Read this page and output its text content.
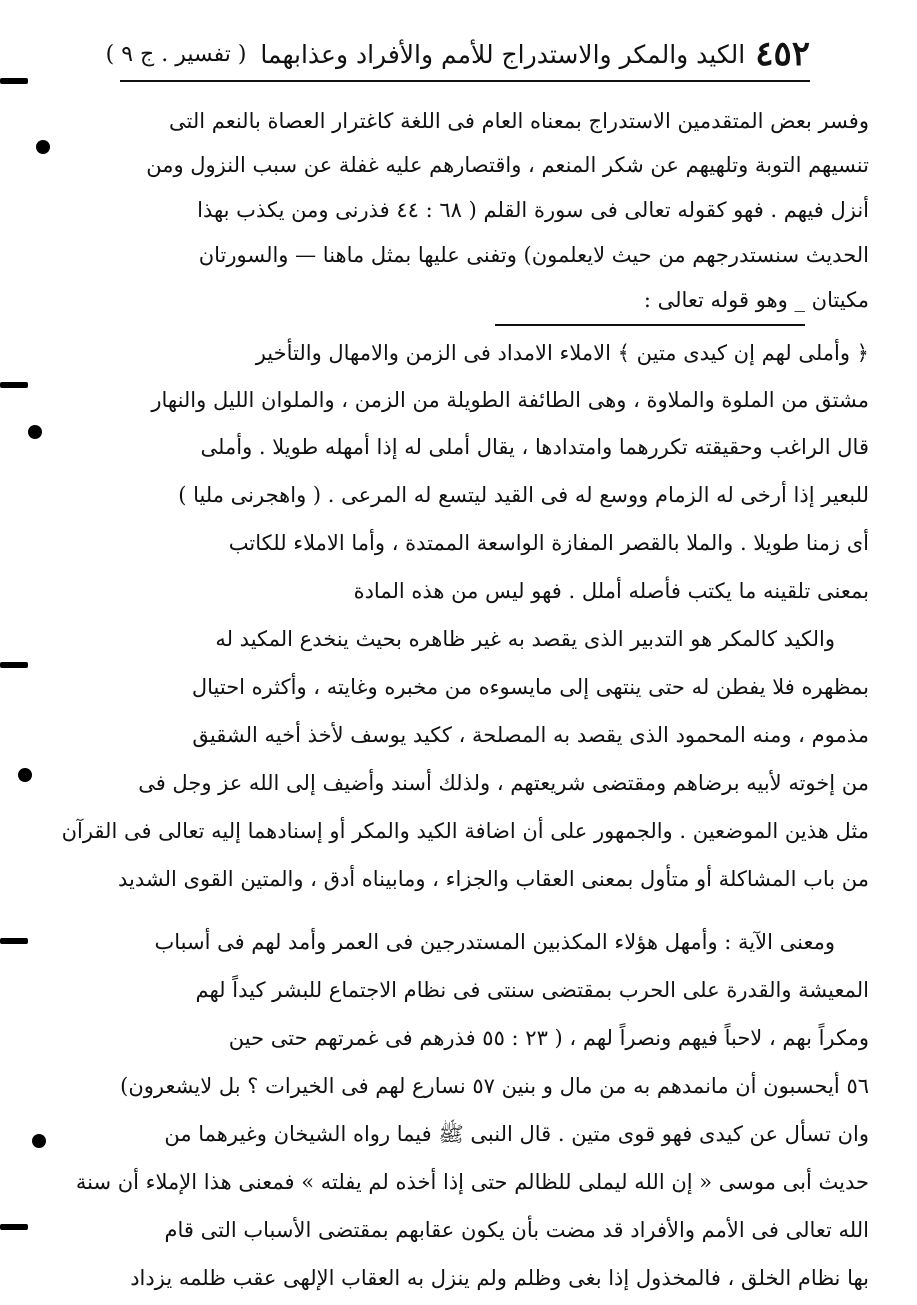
٤٥٢
الكيد والمكر والاستدراج للأمم والأفراد وعذابهما
( تفسير . ج ٩ )
وفسر بعض المتقدمين الاستدراج بمعناه العام فى اللغة كاغترار العصاة بالنعم التى
تنسيهم التوبة وتلهيهم عن شكر المنعم ، واقتصارهم عليه غفلة عن سبب النزول ومن
أنزل فيهم . فهو كقوله تعالى فى سورة القلم ( ٦٨ : ٤٤ فذرنى ومن يكذب بهذا
الحديث سنستدرجهم من حيث لايعلمون) وتفنى عليها بمثل ماهنا — والسورتان
مكيتان _ وهو قوله تعالى :
﴿ وأملى لهم إن كيدى متين ﴾ الاملاء الامداد فى الزمن والامهال والتأخير
مشتق من الملوة والملاوة ، وهى الطائفة الطويلة من الزمن ، والملوان الليل والنهار
قال الراغب وحقيقته تكررهما وامتدادها ، يقال أملى له إذا أمهله طويلا . وأملى
للبعير إذا أرخى له الزمام ووسع له فى القيد ليتسع له المرعى . ( واهجرنى مليا )
أى زمنا طويلا . والملا بالقصر المفازة الواسعة الممتدة ، وأما الاملاء للكاتب
بمعنى تلقينه ما يكتب فأصله أملل . فهو ليس من هذه المادة
والكيد كالمكر هو التدبير الذى يقصد به غير ظاهره بحيث ينخدع المكيد له
بمظهره فلا يفطن له حتى ينتهى إلى مايسوءه من مخبره وغايته ، وأكثره احتيال
مذموم ، ومنه المحمود الذى يقصد به المصلحة ، ككيد يوسف لأخذ أخيه الشقيق
من إخوته لأبيه برضاهم ومقتضى شريعتهم ، ولذلك أسند وأضيف إلى الله عز وجل فى
مثل هذين الموضعين . والجمهور على أن اضافة الكيد والمكر أو إسنادهما إليه تعالى فى القرآن
من باب المشاكلة أو متأول بمعنى العقاب والجزاء ، ومابيناه أدق ، والمتين القوى الشديد
ومعنى الآية : وأمهل هؤلاء المكذبين المستدرجين فى العمر وأمد لهم فى أسباب
المعيشة والقدرة على الحرب بمقتضى سنتى فى نظام الاجتماع للبشر كيداً لهم
ومكراً بهم ، لاحباً فيهم ونصراً لهم ، ( ٢٣ : ٥٥ فذرهم فى غمرتهم حتى حين
٥٦ أيحسبون أن مانمدهم به من مال و بنين ٥٧ نسارع لهم فى الخيرات ؟ بل لايشعرون)
وان تسأل عن كيدى فهو قوى متين . قال النبى ﷺ فيما رواه الشيخان وغيرهما من
حديث أبى موسى « إن الله ليملى للظالم حتى إذا أخذه لم يفلته » فمعنى هذا الإملاء أن سنة
الله تعالى فى الأمم والأفراد قد مضت بأن يكون عقابهم بمقتضى الأسباب التى قام
بها نظام الخلق ، فالمخذول إذا بغى وظلم ولم ينزل به العقاب الإلهى عقب ظلمه يزداد
